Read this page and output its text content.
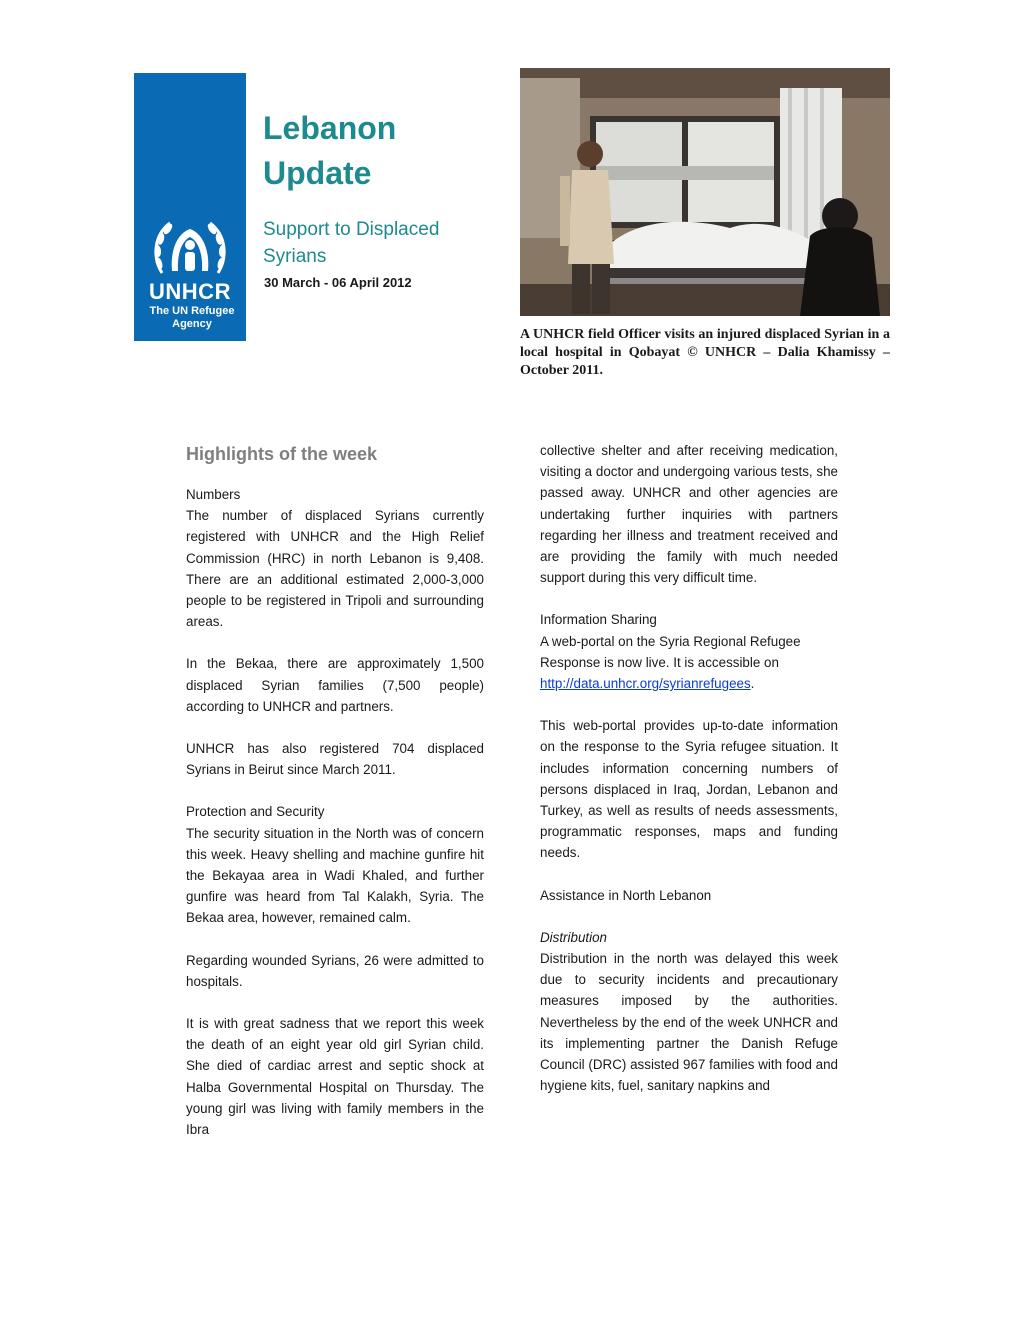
UNHCR
The UN Refugee Agency
Lebanon
Update
Support to Displaced Syrians
30 March - 06 April 2012
A UNHCR field Officer visits an injured displaced Syrian in a local hospital in Qobayat © UNHCR – Dalia Khamissy – October 2011.
Highlights of the week
Numbers

The number of displaced Syrians currently registered with UNHCR and the High Relief Commission (HRC) in north Lebanon is 9,408. There are an additional estimated 2,000-3,000 people to be registered in Tripoli and surrounding areas.

In the Bekaa, there are approximately 1,500 displaced Syrian families (7,500 people) according to UNHCR and partners.

UNHCR has also registered 704 displaced Syrians in Beirut since March 2011.

Protection and Security

The security situation in the North was of concern this week. Heavy shelling and machine gunfire hit the Bekayaa area in Wadi Khaled, and further gunfire was heard from Tal Kalakh, Syria. The Bekaa area, however, remained calm.

Regarding wounded Syrians, 26 were admitted to hospitals.

It is with great sadness that we report this week the death of an eight year old girl Syrian child. She died of cardiac arrest and septic shock at Halba Governmental Hospital on Thursday. The young girl was living with family members in the Ibra

collective shelter and after receiving medication, visiting a doctor and undergoing various tests, she passed away. UNHCR and other agencies are undertaking further inquiries with partners regarding her illness and treatment received and are providing the family with much needed support during this very difficult time.

Information Sharing

A web-portal on the Syria Regional Refugee Response is now live. It is accessible on http://data.unhcr.org/syrianrefugees.

This web-portal provides up-to-date information on the response to the Syria refugee situation. It includes information concerning numbers of persons displaced in Iraq, Jordan, Lebanon and Turkey, as well as results of needs assessments, programmatic responses, maps and funding needs.

Assistance in North Lebanon
Distribution

Distribution in the north was delayed this week due to security incidents and precautionary measures imposed by the authorities. Nevertheless by the end of the week UNHCR and its implementing partner the Danish Refuge Council (DRC) assisted 967 families with food and hygiene kits, fuel, sanitary napkins and
